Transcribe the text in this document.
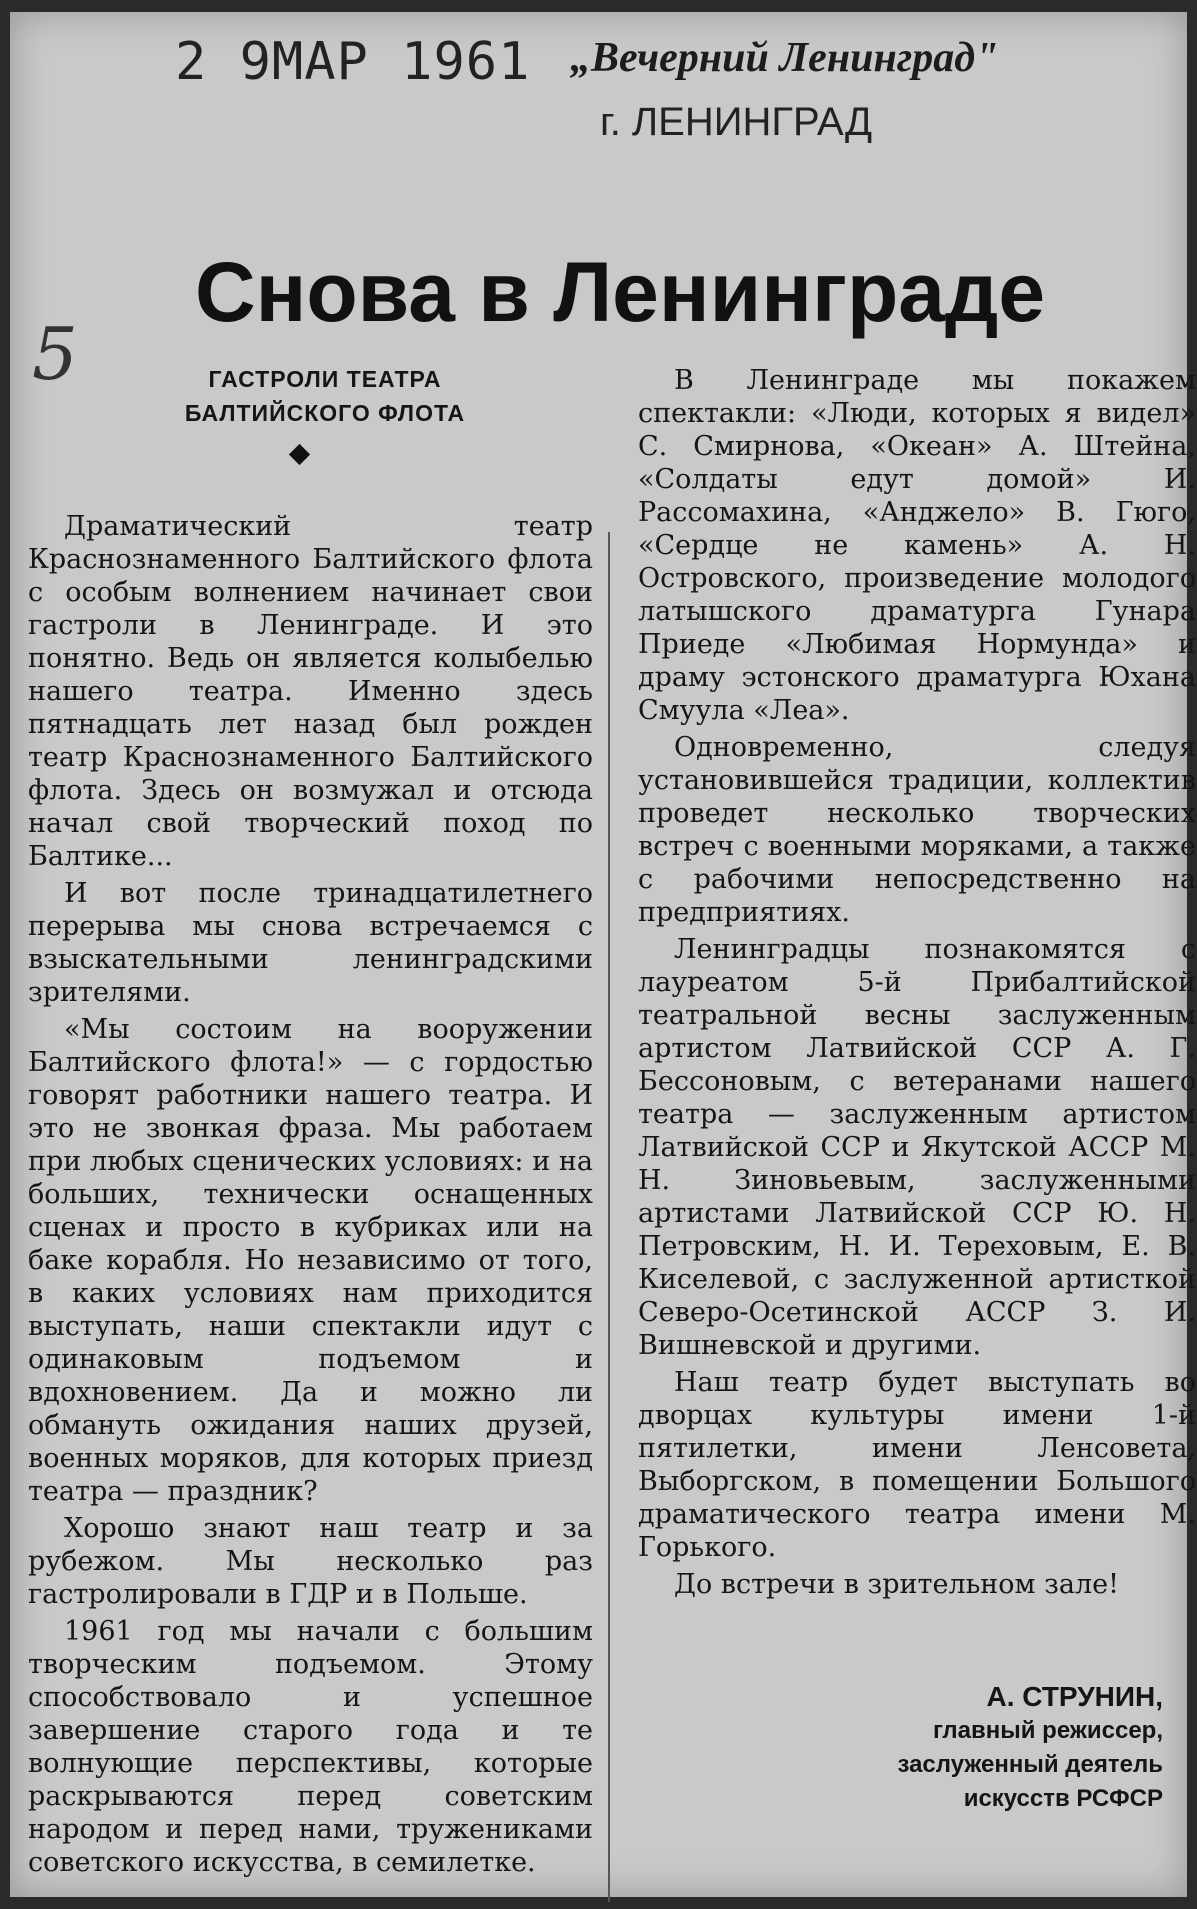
2 9МАР 1961 „Вечерний Ленинград"
г. ЛЕНИНГРАД
5
Снова в Ленинграде
ГАСТРОЛИ ТЕАТРА БАЛТИЙСКОГО ФЛОТА

Драматический театр Краснознаменного Балтийского флота с особым волнением начинает свои гастроли в Ленинграде. И это понятно. Ведь он является колыбелью нашего театра. Именно здесь пятнадцать лет назад был рожден театр Краснознаменного Балтийского флота. Здесь он возмужал и отсюда начал свой творческий поход по Балтике...

И вот после тринадцатилетнего перерыва мы снова встречаемся с взыскательными ленинградскими зрителями.

«Мы состоим на вооружении Балтийского флота!» — с гордостью говорят работники нашего театра. И это не звонкая фраза. Мы работаем при любых сценических условиях: и на больших, технически оснащенных сценах и просто в кубриках или на баке корабля. Но независимо от того, в каких условиях нам приходится выступать, наши спектакли идут с одинаковым подъемом и вдохновением. Да и можно ли обмануть ожидания наших друзей, военных моряков, для которых приезд театра — праздник?

Хорошо знают наш театр и за рубежом. Мы несколько раз гастролировали в ГДР и в Польше.

1961 год мы начали с большим творческим подъемом. Этому способствовало и успешное завершение старого года и те волнующие перспективы, которые раскрываются перед советским народом и перед нами, тружениками советского искусства, в семилетке.

В Ленинграде мы покажем спектакли: «Люди, которых я видел» С. Смирнова, «Океан» А. Штейна, «Солдаты едут домой» И. Рассомахина, «Анджело» В. Гюго, «Сердце не камень» А. Н. Островского, произведение молодого латышского драматурга Гунара Приеде «Любимая Нормунда» и драму эстонского драматурга Юхана Смуула «Леа».

Одновременно, следуя установившейся традиции, коллектив проведет несколько творческих встреч с военными моряками, а также с рабочими непосредственно на предприятиях.

Ленинградцы познакомятся с лауреатом 5-й Прибалтийской театральной весны заслуженным артистом Латвийской ССР А. Г. Бессоновым, с ветеранами нашего театра — заслуженным артистом Латвийской ССР и Якутской АССР М. Н. Зиновьевым, заслуженными артистами Латвийской ССР Ю. Н. Петровским, Н. И. Тереховым, Е. В. Киселевой, с заслуженной артисткой Северо-Осетинской АССР З. И. Вишневской и другими.

Наш театр будет выступать во дворцах культуры имени 1-й пятилетки, имени Ленсовета, Выборгском, в помещении Большого драматического театра имени М. Горького.

До встречи в зрительном зале!

А. СТРУНИН,
главный режиссер,
заслуженный деятель
искусств РСФСР
